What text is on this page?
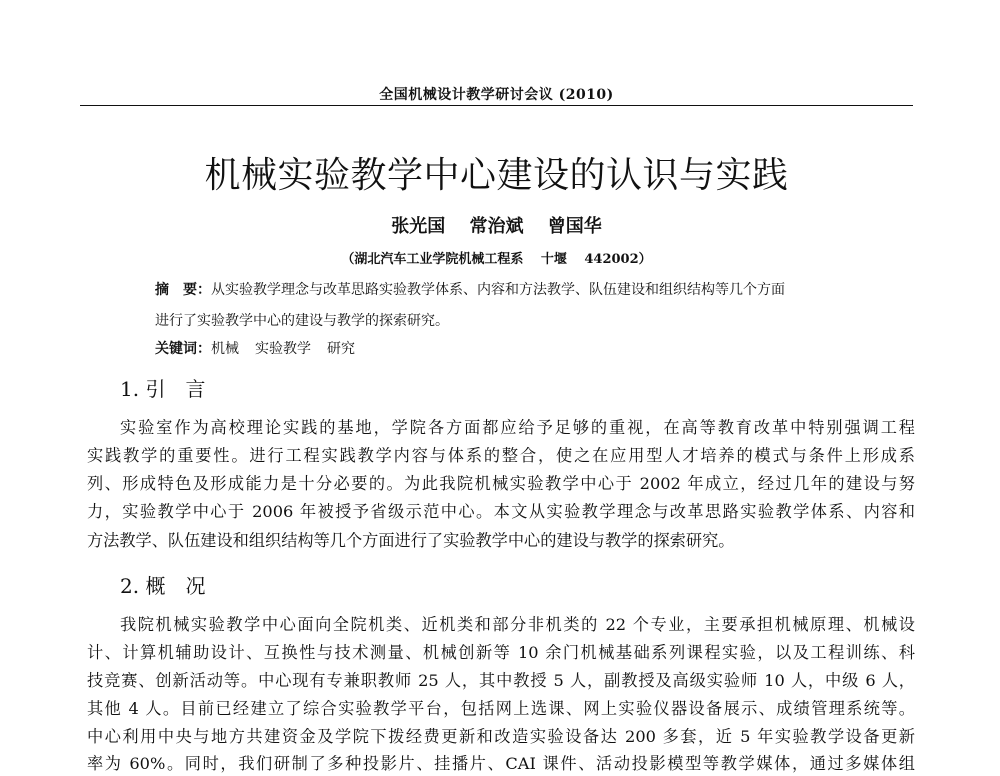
全国机械设计教学研讨会议 (2010)
机械实验教学中心建设的认识与实践
张光国　 常治斌　 曾国华
（湖北汽车工业学院机械工程系　 十堰　 442002）
摘　要：从实验教学理念与改革思路实验教学体系、内容和方法教学、队伍建设和组织结构等几个方面
进行了实验教学中心的建设与教学的探索研究。
关键词：机械 实验教学 研究
1. 引　言
实验室作为高校理论实践的基地，学院各方面都应给予足够的重视，在高等教育改革中特别强调工程
实践教学的重要性。进行工程实践教学内容与体系的整合，使之在应用型人才培养的模式与条件上形成系
列、形成特色及形成能力是十分必要的。为此我院机械实验教学中心于 2002 年成立，经过几年的建设与努
力，实验教学中心于 2006 年被授予省级示范中心。本文从实验教学理念与改革思路实验教学体系、内容和
方法教学、队伍建设和组织结构等几个方面进行了实验教学中心的建设与教学的探索研究。
2. 概　况
我院机械实验教学中心面向全院机类、近机类和部分非机类的 22 个专业，主要承担机械原理、机械设
计、计算机辅助设计、互换性与技术测量、机械创新等 10 余门机械基础系列课程实验，以及工程训练、科
技竞赛、创新活动等。中心现有专兼职教师 25 人，其中教授 5 人，副教授及高级实验师 10 人，中级 6 人，
其他 4 人。目前已经建立了综合实验教学平台，包括网上选课、网上实验仪器设备展示、成绩管理系统等。
中心利用中央与地方共建资金及学院下拨经费更新和改造实验设备达 200 多套，近 5 年实验教学设备更新
率为 60%。同时，我们研制了多种投影片、挂播片、CAI 课件、活动投影模型等教学媒体，通过多媒体组
